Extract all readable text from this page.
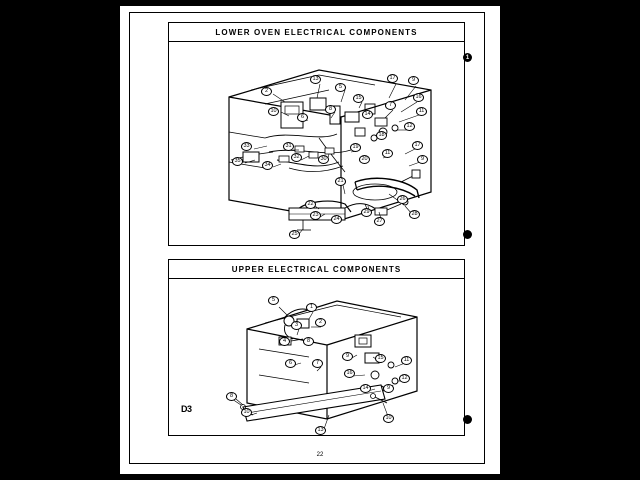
LOWER OVEN ELECTRICAL COMPONENTS
2
13
10
5
15
8
6	14
17	9
16
11
7
12
18
33	31
32	30
19
20
17
11
9
35
34
21
22
23
24
25
26
27
28
29
UPPER ELECTRICAL COMPONENTS
5
1
2
3
4	8
6	7
9	15	11
16
12
14	9
8
10
10
13
D3
1
22
